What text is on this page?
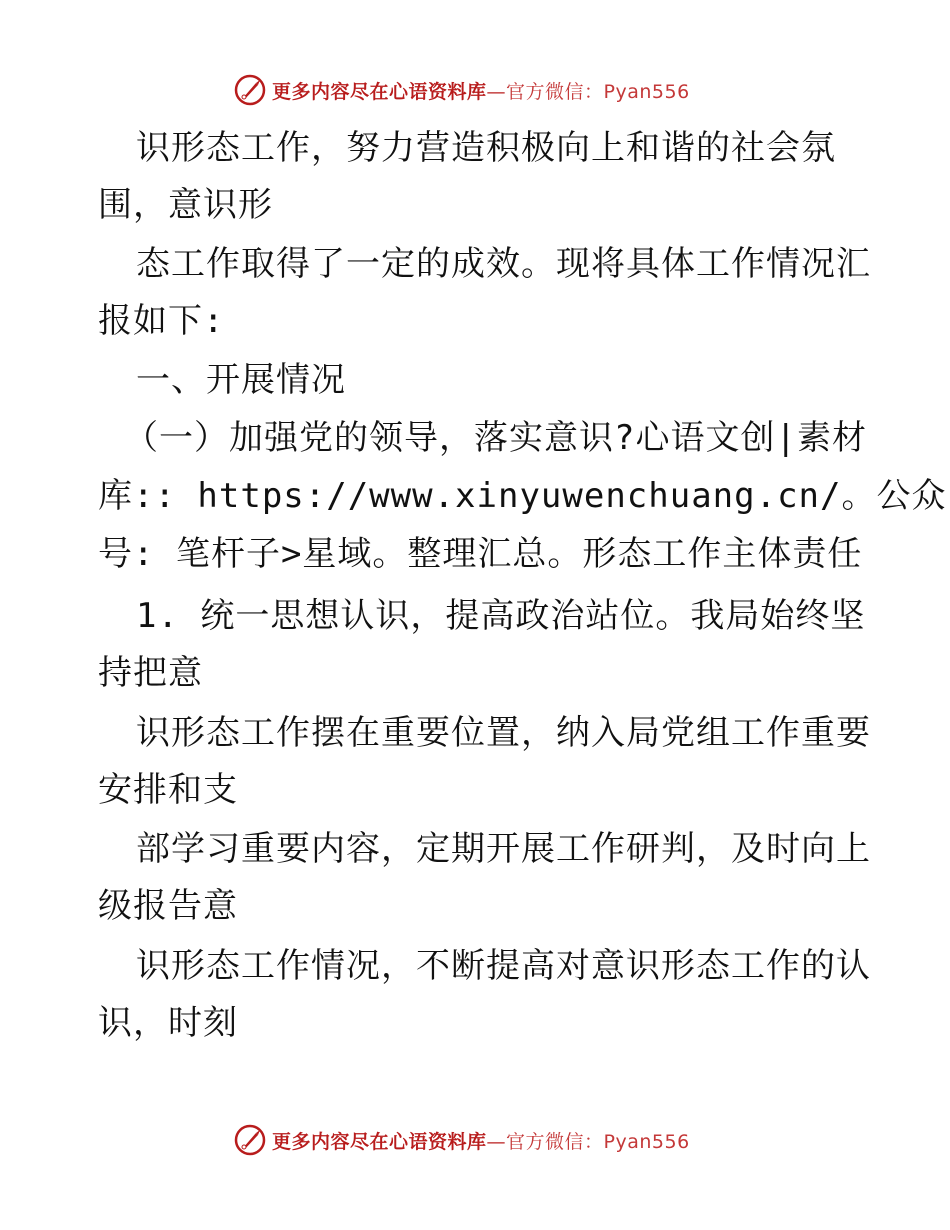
更多内容尽在心语资料库—官方微信：Pyan556
识形态工作，努力营造积极向上和谐的社会氛
围，意识形
态工作取得了一定的成效。现将具体工作情况汇
报如下:
一、开展情况
（一）加强党的领导，落实意识?心语文创|素材
库:: https://www.xinyuwenchuang.cn/。公众
号: 笔杆子>星域。整理汇总。形态工作主体责任
1. 统一思想认识，提高政治站位。我局始终坚
持把意
识形态工作摆在重要位置，纳入局党组工作重要
安排和支
部学习重要内容，定期开展工作研判，及时向上
级报告意
识形态工作情况，不断提高对意识形态工作的认
识，时刻
更多内容尽在心语资料库—官方微信：Pyan556
